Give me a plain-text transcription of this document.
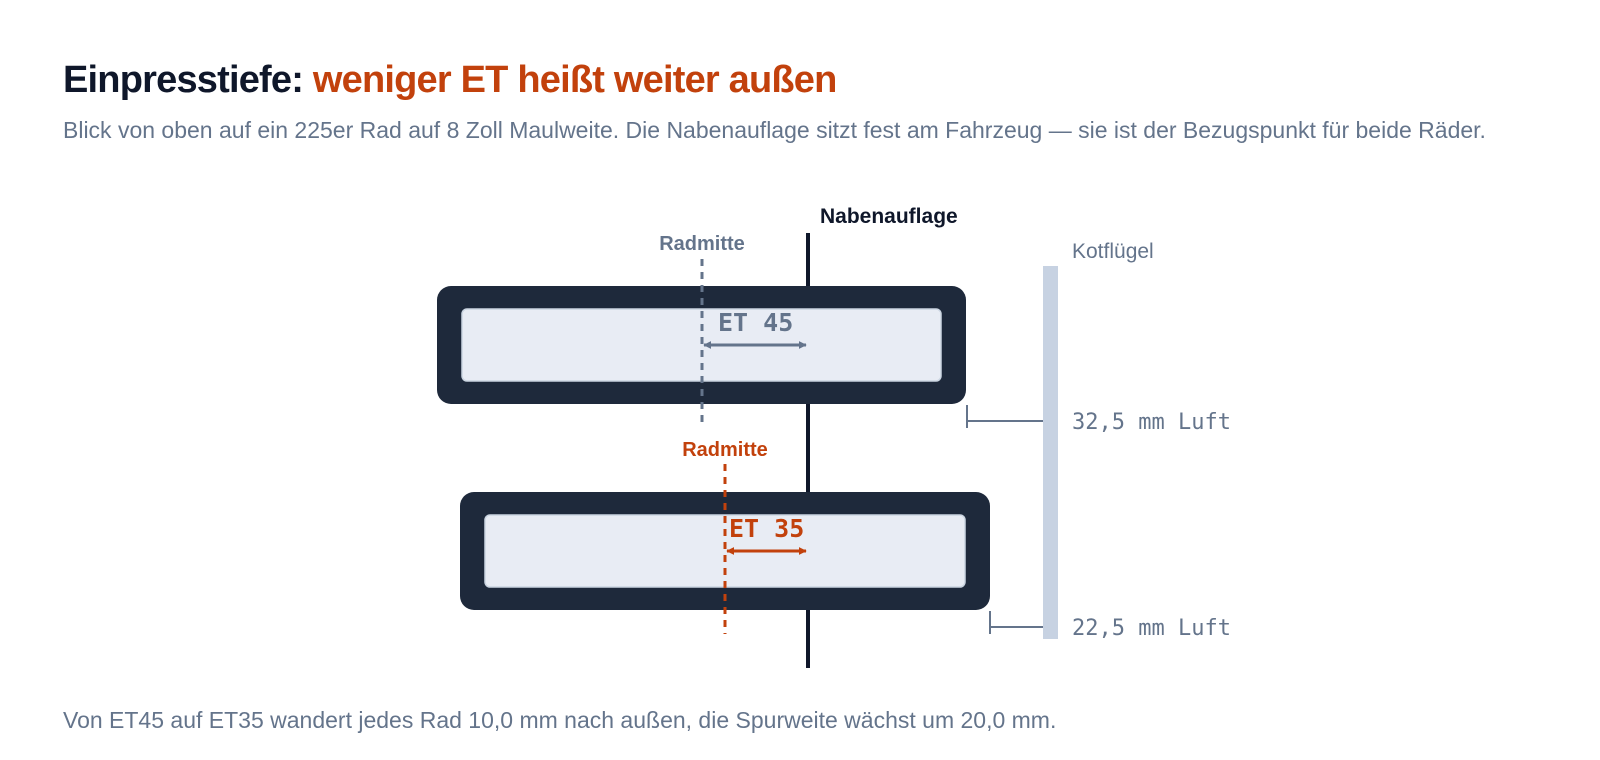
Einpresstiefe: weniger ET heißt weiter außen

Blick von oben auf ein 225er Rad auf 8 Zoll Maulweite. Die Nabenauflage sitzt fest am Fahrzeug — sie ist der Bezugspunkt für beide Räder.

Kotflügel
Nabenauflage
Radmitte
ET 45
32,5 mm Luft
Radmitte
ET 35
22,5 mm Luft

Von ET45 auf ET35 wandert jedes Rad 10,0 mm nach außen, die Spurweite wächst um 20,0 mm.
